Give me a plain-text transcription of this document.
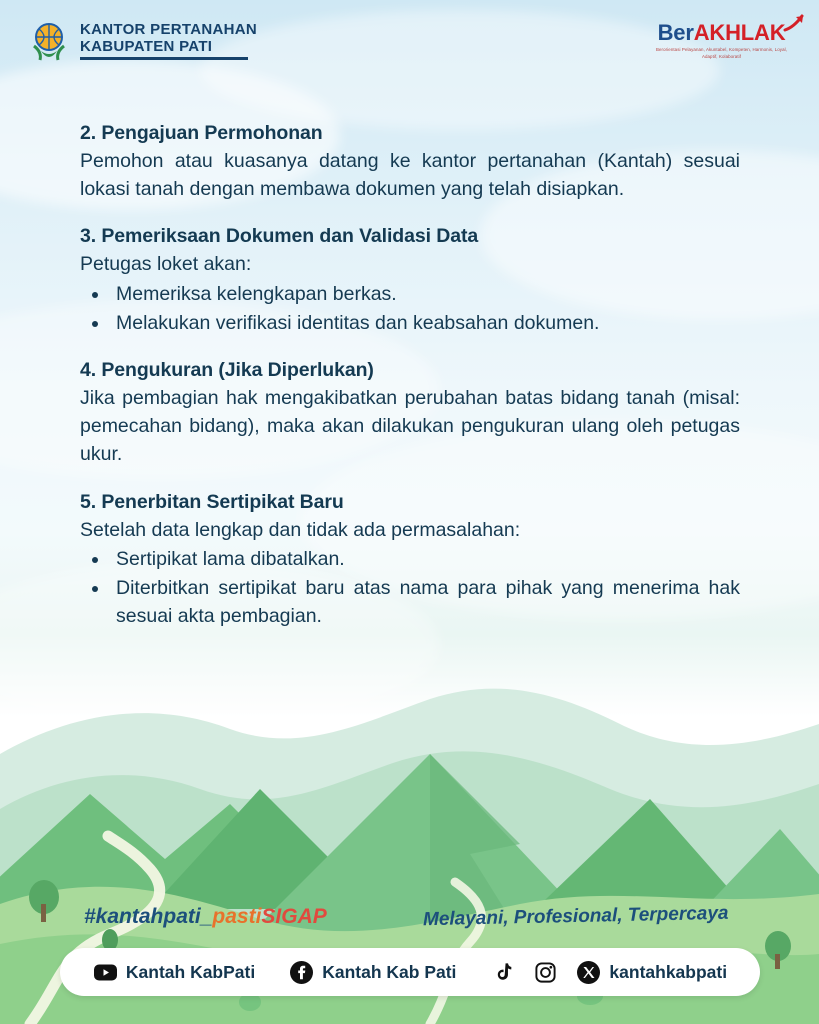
KANTOR PERTANAHAN
KABUPATEN PATI
BerAKHLAK
Berorientasi Pelayanan, Akuntabel, Kompeten, Harmonis, Loyal, Adaptif, Kolaboratif
2. Pengajuan Permohonan

Pemohon atau kuasanya datang ke kantor pertanahan (Kantah) sesuai lokasi tanah dengan membawa dokumen yang telah disiapkan.

3. Pemeriksaan Dokumen dan Validasi Data

Petugas loket akan:

• Memeriksa kelengkapan berkas.
• Melakukan verifikasi identitas dan keabsahan dokumen.
4. Pengukuran (Jika Diperlukan)

Jika pembagian hak mengakibatkan perubahan batas bidang tanah (misal: pemecahan bidang), maka akan dilakukan pengukuran ulang oleh petugas ukur.

5. Penerbitan Sertipikat Baru

Setelah data lengkap dan tidak ada permasalahan:

• Sertipikat lama dibatalkan.
• Diterbitkan sertipikat baru atas nama para pihak yang menerima hak sesuai akta pembagian.
#kantahpati_pastiSIGAP	Melayani, Profesional, Terpercaya
Kantah KabPati	Kantah Kab Pati	kantahkabpati
